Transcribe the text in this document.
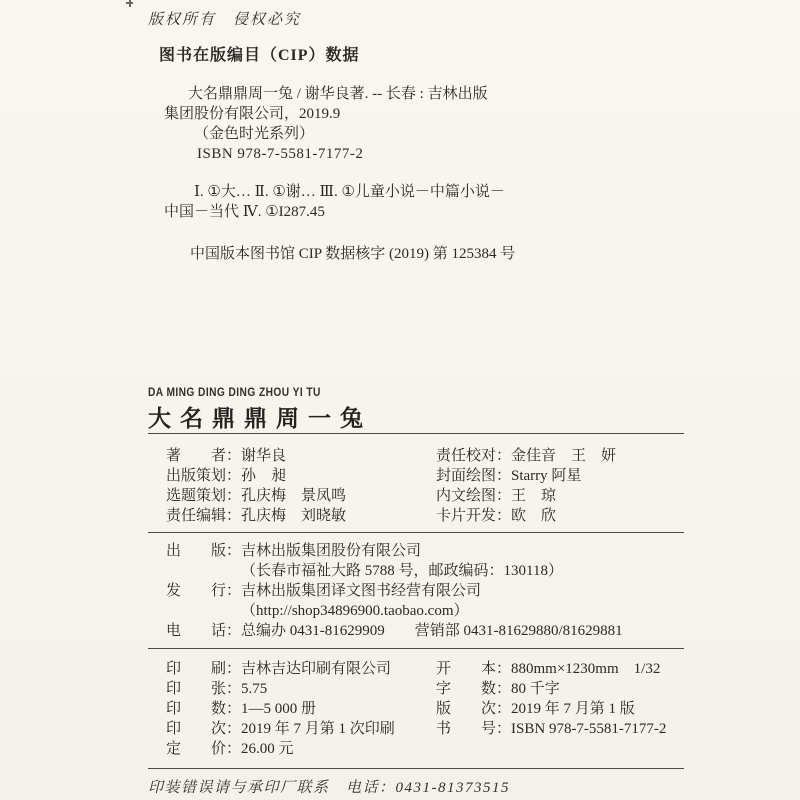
版权所有　侵权必究
图书在版编目（CIP）数据
大名鼎鼎周一兔 / 谢华良著. -- 长春 : 吉林出版
集团股份有限公司，2019.9
（金色时光系列）
ISBN 978-7-5581-7177-2
Ⅰ. ①大… Ⅱ. ①谢… Ⅲ. ①儿童小说－中篇小说－
中国－当代 Ⅳ. ①I287.45
中国版本图书馆 CIP 数据核字 (2019) 第 125384 号
DA MING DING DING ZHOU YI TU
大名鼎鼎周一兔
著者：谢华良
出版策划：孙　昶
选题策划：孔庆梅　景凤鸣
责任编辑：孔庆梅　刘晓敏
责任校对：金佳音　王　妍
封面绘图：Starry 阿星
内文绘图：王　琼
卡片开发：欧　欣
出版：吉林出版集团股份有限公司
（长春市福祉大路 5788 号，邮政编码：130118）
发行：吉林出版集团译文图书经营有限公司
（http://shop34896900.taobao.com）
电话：总编办 0431-81629909　　营销部 0431-81629880/81629881
印刷：吉林吉达印刷有限公司
印张：5.75
印数：1—5 000 册
印次：2019 年 7 月第 1 次印刷
定价：26.00 元
开本：880mm×1230mm　1/32
字数：80 千字
版次：2019 年 7 月第 1 版
书号：ISBN 978-7-5581-7177-2
印装错误请与承印厂联系　电话：0431-81373515
